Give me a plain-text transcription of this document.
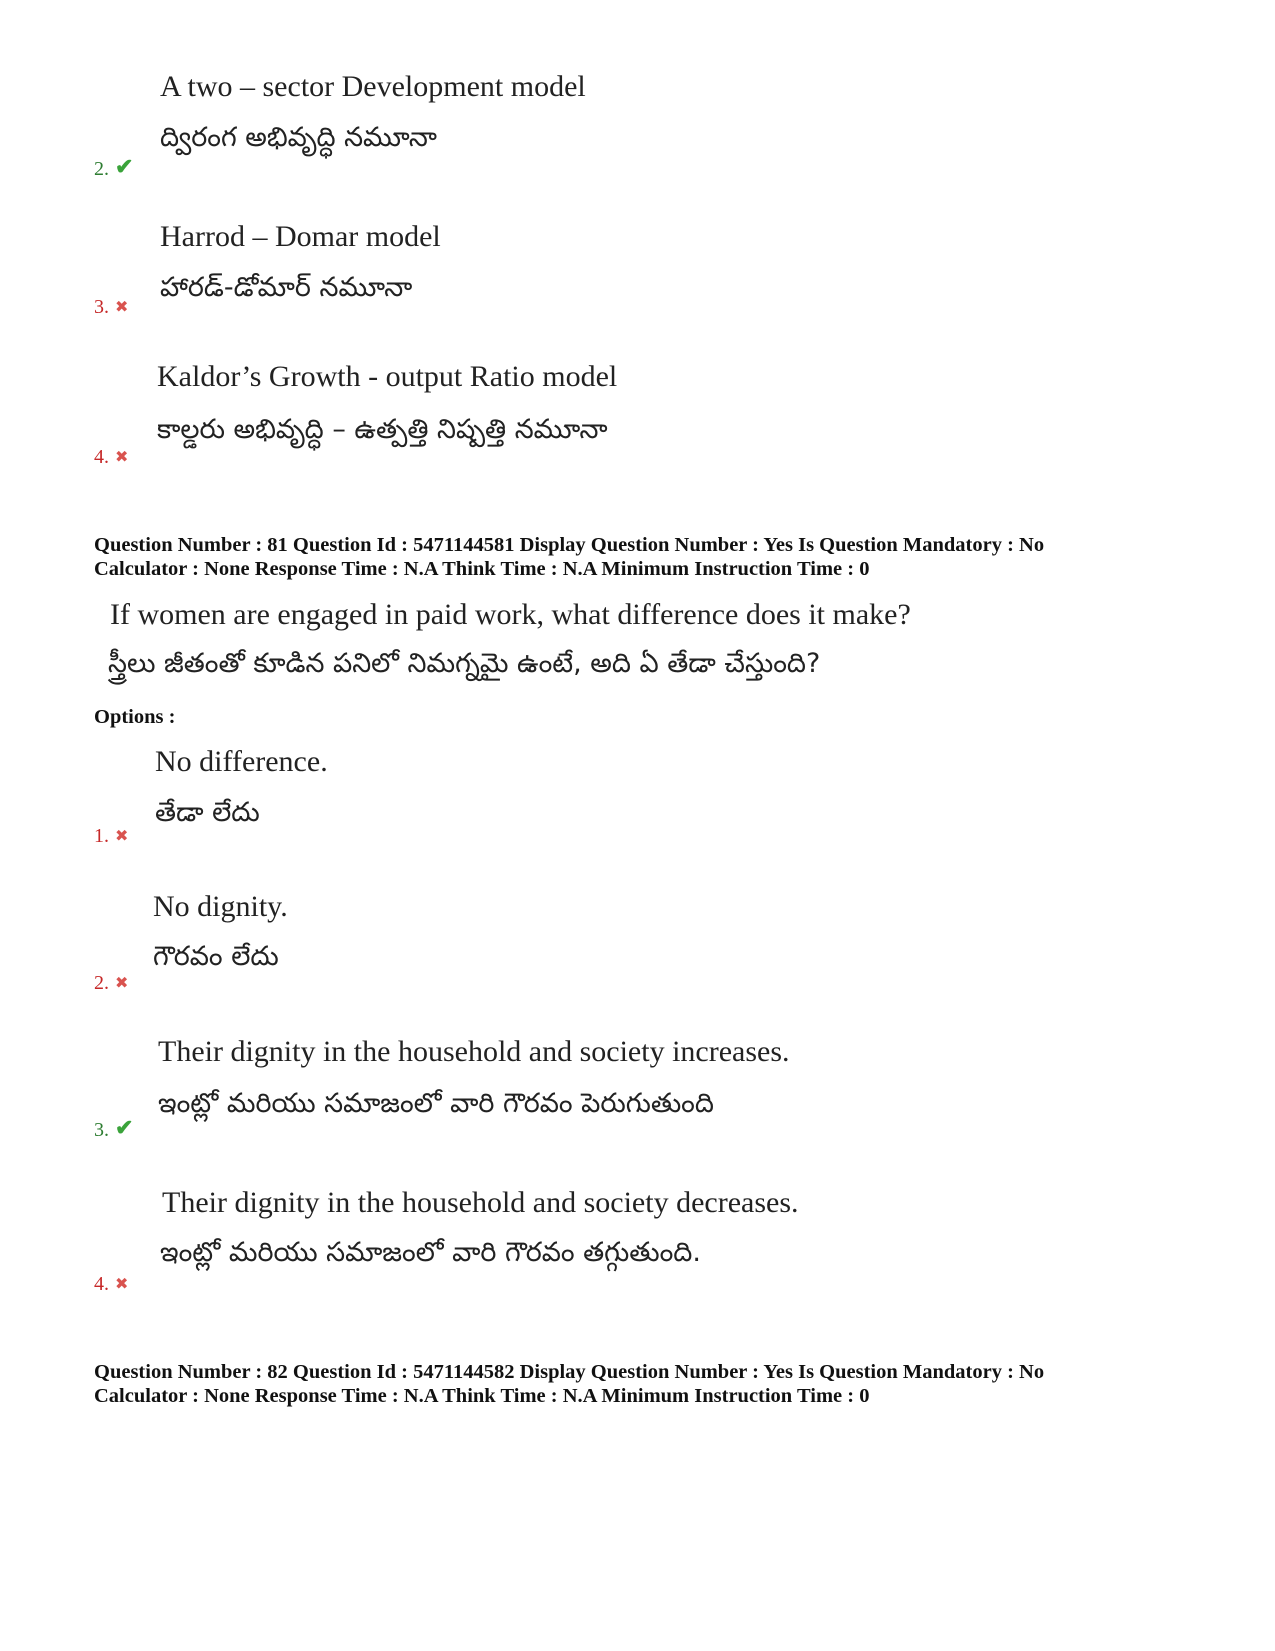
A two – sector Development model
ద్విరంగ అభివృద్ధి నమూనా
2. ✔
Harrod – Domar model
హారడ్-డోమార్ నమూనా
3. ✖
Kaldor’s Growth - output Ratio model
కాల్డరు అభివృద్ధి – ఉత్పత్తి నిష్పత్తి నమూనా
4. ✖
Question Number : 81 Question Id : 5471144581 Display Question Number : Yes Is Question Mandatory : No
Calculator : None Response Time : N.A Think Time : N.A Minimum Instruction Time : 0
If women are engaged in paid work, what difference does it make?
స్త్రీలు జీతంతో కూడిన పనిలో నిమగ్నమై ఉంటే, అది ఏ తేడా చేస్తుంది?
Options :
No difference.
తేడా లేదు
1. ✖
No dignity.
గౌరవం లేదు
2. ✖
Their dignity in the household and society increases.
ఇంట్లో మరియు సమాజంలో వారి గౌరవం పెరుగుతుంది
3. ✔
Their dignity in the household and society decreases.
ఇంట్లో మరియు సమాజంలో వారి గౌరవం తగ్గుతుంది.
4. ✖
Question Number : 82 Question Id : 5471144582 Display Question Number : Yes Is Question Mandatory : No
Calculator : None Response Time : N.A Think Time : N.A Minimum Instruction Time : 0
